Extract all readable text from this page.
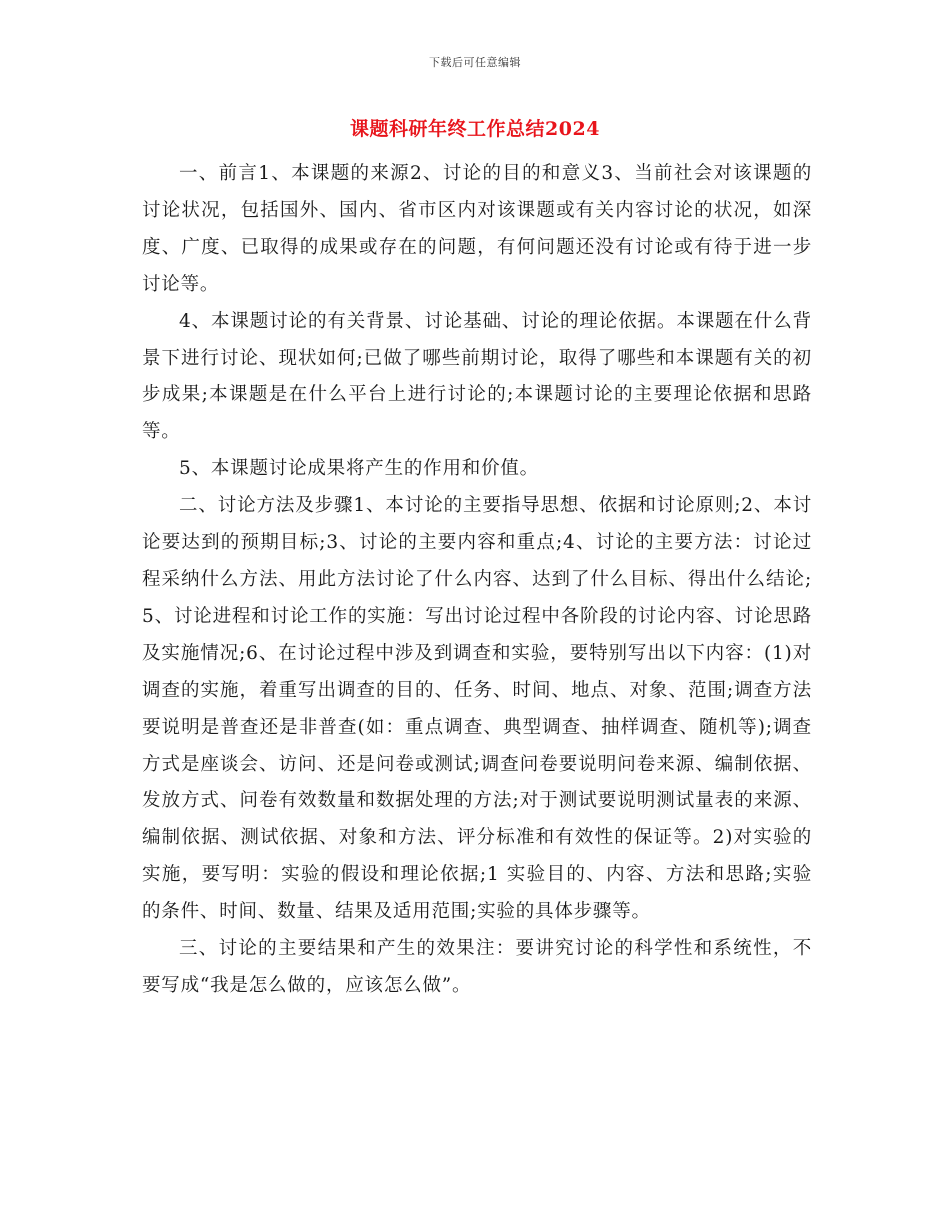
下载后可任意编辑
课题科研年终工作总结2024

一、前言1、本课题的来源2、讨论的目的和意义3、当前社会对该课题的讨论状况，包括国外、国内、省市区内对该课题或有关内容讨论的状况，如深度、广度、已取得的成果或存在的问题，有何问题还没有讨论或有待于进一步讨论等。

4、本课题讨论的有关背景、讨论基础、讨论的理论依据。本课题在什么背景下进行讨论、现状如何;已做了哪些前期讨论，取得了哪些和本课题有关的初步成果;本课题是在什么平台上进行讨论的;本课题讨论的主要理论依据和思路等。

5、本课题讨论成果将产生的作用和价值。

二、讨论方法及步骤1、本讨论的主要指导思想、依据和讨论原则;2、本讨论要达到的预期目标;3、讨论的主要内容和重点;4、讨论的主要方法：讨论过程采纳什么方法、用此方法讨论了什么内容、达到了什么目标、得出什么结论;5、讨论进程和讨论工作的实施：写出讨论过程中各阶段的讨论内容、讨论思路及实施情况;6、在讨论过程中涉及到调查和实验，要特别写出以下内容：(1)对调查的实施，着重写出调查的目的、任务、时间、地点、对象、范围;调查方法要说明是普查还是非普查(如：重点调查、典型调查、抽样调查、随机等);调查方式是座谈会、访问、还是问卷或测试;调查问卷要说明问卷来源、编制依据、发放方式、问卷有效数量和数据处理的方法;对于测试要说明测试量表的来源、编制依据、测试依据、对象和方法、评分标准和有效性的保证等。2)对实验的实施，要写明：实验的假设和理论依据;1 实验目的、内容、方法和思路;实验的条件、时间、数量、结果及适用范围;实验的具体步骤等。

三、讨论的主要结果和产生的效果注：要讲究讨论的科学性和系统性，不要写成“我是怎么做的，应该怎么做”。
